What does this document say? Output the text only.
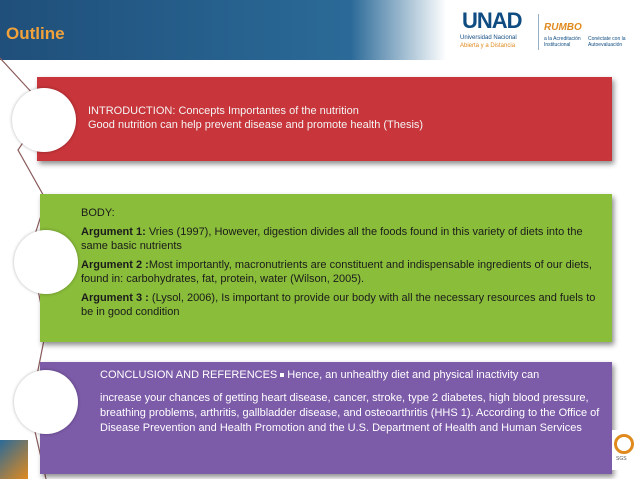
Outline
UNAD
Universidad Nacional
Abierta y a Distancia
RUMBO
a la Acreditación Institucional
Conéctate con la Autoevaluación
INTRODUCTION: Concepts Importantes of the nutrition
Good nutrition can help prevent disease and promote health (Thesis)

BODY:

Argument 1: Vries (1997), However, digestion divides all the foods found in this variety of diets into the same basic nutrients

Argument 2 :Most importantly, macronutrients are constituent and indispensable ingredients of our diets, found in: carbohydrates, fat, protein, water (Wilson, 2005).

Argument 3 : (Lysol, 2006), Is important to provide our body with all the necessary resources and fuels to be in good condition

CONCLUSION AND REFERENCES Hence, an unhealthy diet and physical inactivity can
increase your chances of getting heart disease, cancer, stroke, type 2 diabetes, high blood pressure, breathing problems, arthritis, gallbladder disease, and osteoarthritis (HHS 1). According to the Office of Disease Prevention and Health Promotion and the U.S. Department of Health and Human Services
SGS
